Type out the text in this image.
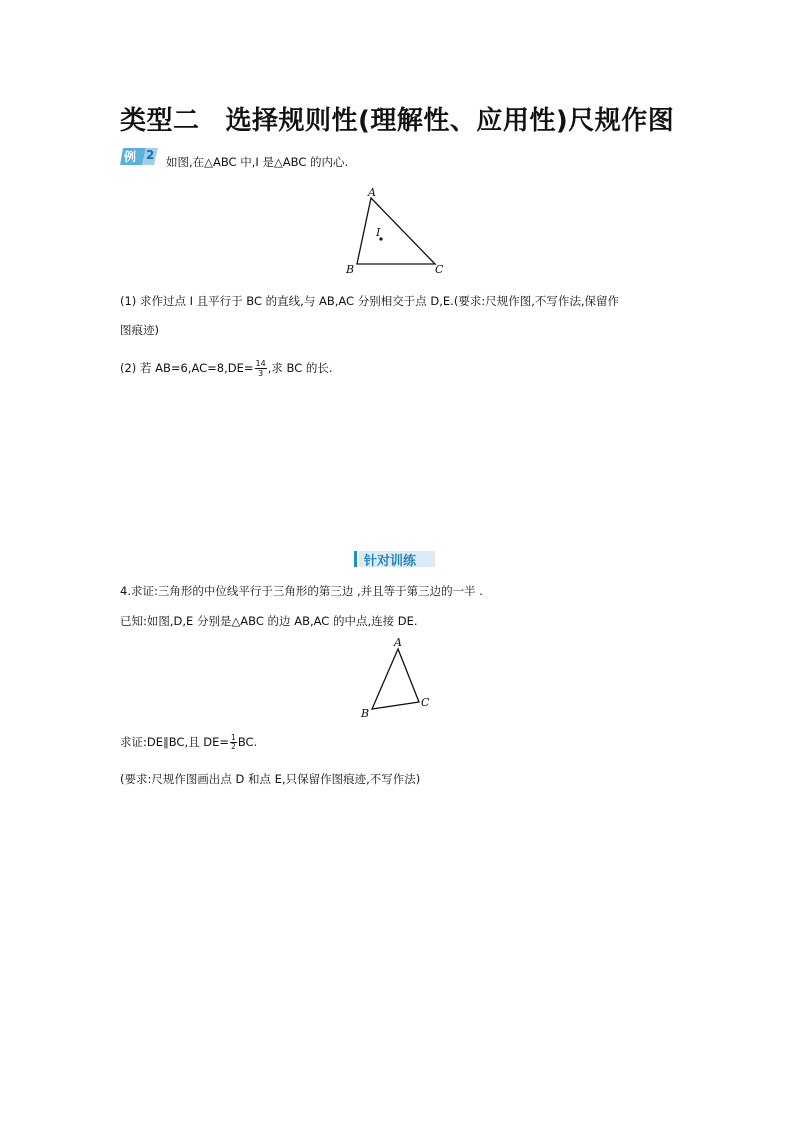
类型二 选择规则性(理解性、应用性)尺规作图
例 2 如图,在△ABC 中,I 是△ABC 的内心.
A
B	C
I
(1) 求作过点 I 且平行于 BC 的直线,与 AB,AC 分别相交于点 D,E.(要求:尺规作图,不写作法,保留作
图痕迹)
(2) 若 $AB=6,AC=8,DE= \frac{14}{3}$ ,求 BC 的长.
针对训练
4.求证:三角形的中位线平行于三角形的第三边 ,并且等于第三边的一半 .
已知:如图,D,E 分别是△ABC 的边 AB,AC 的中点,连接 DE.
A
B
C
求证:DE∥BC,且 $DE= \frac{1}{2}$ BC.
(要求:尺规作图画出点 D 和点 E,只保留作图痕迹,不写作法)
